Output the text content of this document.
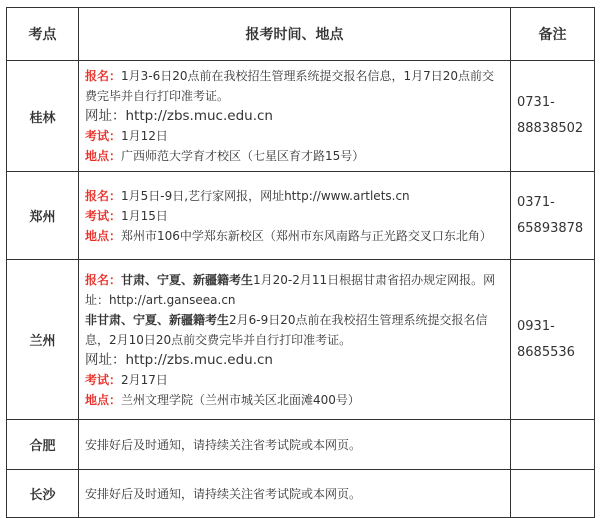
考点	报考时间、地点	备注
桂林	报名：1月3-6日20点前在我校招生管理系统提交报名信息，1月7日20点前交费完毕并自行打印准考证。
网址：http://zbs.muc.edu.cn
考试：1月12日
地点：广西师范大学育才校区（七星区育才路15号）	0731-
88838502

郑州	报名：1月5日-9日,艺行家网报，网址http://www.artlets.cn
考试：1月15日
地点：郑州市106中学郑东新校区（郑州市东风南路与正光路交叉口东北角）	0371-
65893878

兰州	报名：甘肃、宁夏、新疆籍考生1月20-2月11日根据甘肃省招办规定网报。网址：http://art.ganseea.cn
非甘肃、宁夏、新疆籍考生2月6-9日20点前在我校招生管理系统提交报名信息，2月10日20点前交费完毕并自行打印准考证。
网址：http://zbs.muc.edu.cn
考试：2月17日
地点：兰州文理学院（兰州市城关区北面滩400号）	0931-
8685536

合肥	安排好后及时通知，请持续关注省考试院或本网页。	
长沙	安排好后及时通知，请持续关注省考试院或本网页。	
